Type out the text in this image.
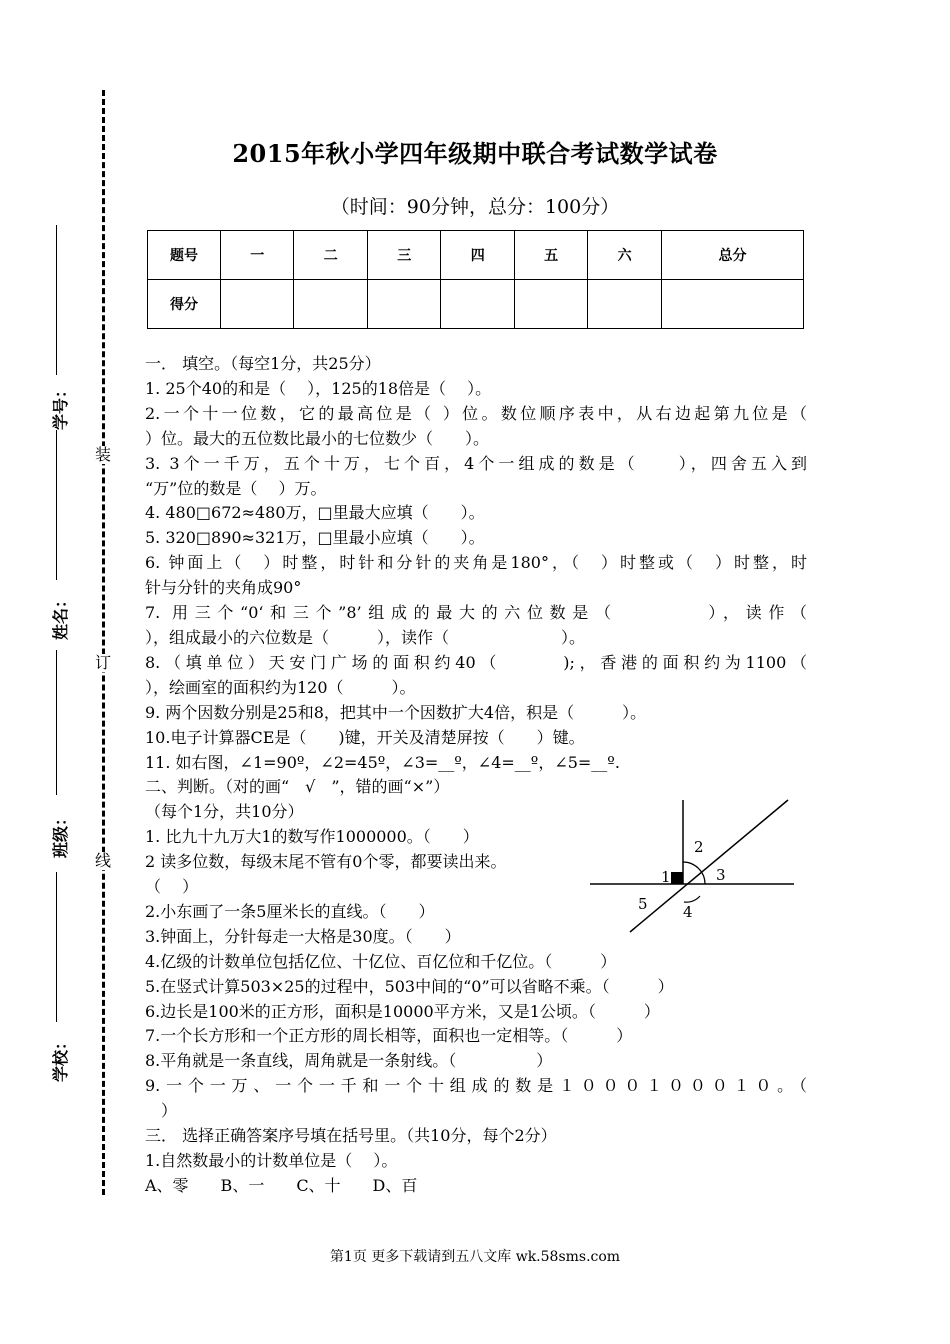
装
订
线
学号：
姓名：
班级：
学校：
2015年秋小学四年级期中联合考试数学试卷
（时间：90分钟，总分：100分）
题号	一	二	三	四	五	六	总分
得分							

一． 填空。（每空1分，共25分）

1. 25个40的和是（　 ），125的18倍是（　 ）。

2.一个十一位数，它的最高位是（ ）位。数位顺序表中，从右边起第九位是（

）位。最大的五位数比最小的七位数少（　　）。

3. 3个一千万，五个十万，七个百，4个一组成的数是（　　），四舍五入到

“万”位的数是（　 ）万。

4. 480□672≈480万，□里最大应填（　　）。

5. 320□890≈321万，□里最小应填（　　）。

6. 钟面上（　）时整，时针和分针的夹角是180°，（　）时整或（　）时整，时

针与分针的夹角成90°

7. 用三个“0‘和三个”8’组成的最大的六位数是（　　　　），读作（

），组成最小的六位数是（　　　），读作（　　　　　　　）。

8.（填单位）天安门广场的面积约40（　　　);，香港的面积约为1100（

），绘画室的面积约为120（　　　）。

9. 两个因数分别是25和8，把其中一个因数扩大4倍，积是（　　　）。

10.电子计算器CE是（　　)键，开关及清楚屏按（　　）键。

11. 如右图，∠1=90º，∠2=45º，∠3=__º，∠4=__º，∠5=__º.

二、判断。（对的画“　√　”，错的画“×”）

（每个1分，共10分）

1. 比九十九万大1的数写作1000000。（　　）

2 读多位数，每级末尾不管有0个零，都要读出来。

（　 ）

2.小东画了一条5厘米长的直线。（　　）

3.钟面上，分针每走一大格是30度。（　　）

4.亿级的计数单位包括亿位、十亿位、百亿位和千亿位。（　　　）

5.在竖式计算503×25的过程中，503中间的“0”可以省略不乘。（　　　）

6.边长是100米的正方形，面积是10000平方米，又是1公顷。（　　　）

7.一个长方形和一个正方形的周长相等，面积也一定相等。（　　　）

8.平角就是一条直线，周角就是一条射线。（　　　　　）

9.一个一万、一个一千和一个十组成的数是１０００１０００１０。（

　）

三． 选择正确答案序号填在括号里。（共10分，每个2分）

1.自然数最小的计数单位是（　 ）。

A、零　　B、一　　C、十　　D、百

1
2
3
4
5
第1页 更多下载请到五八文库 wk.58sms.com
